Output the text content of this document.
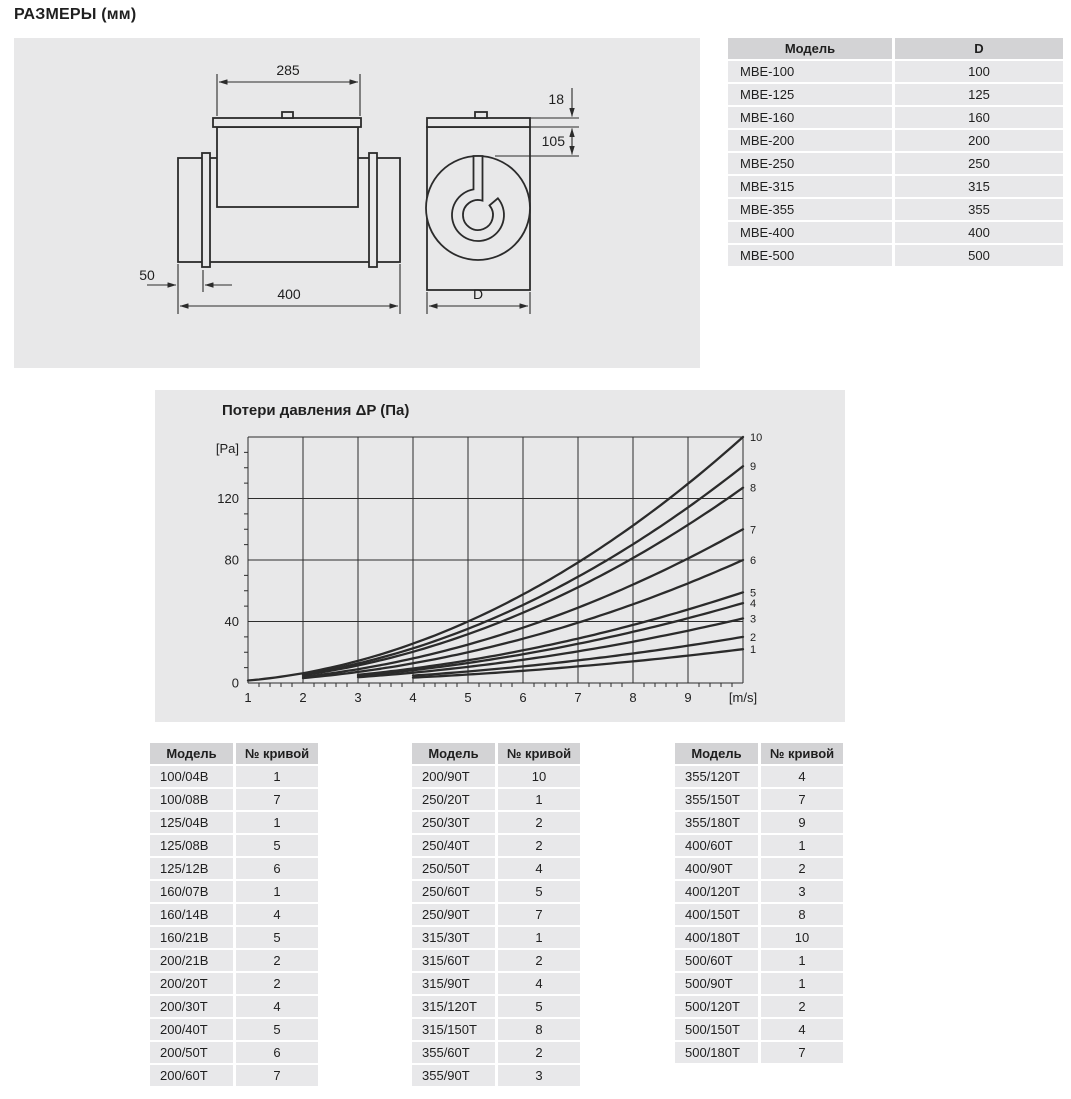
РАЗМЕРЫ (мм)
285
50
400
18
105
D
Модель	D
MBE-100	100
MBE-125	125
MBE-160	160
MBE-200	200
MBE-250	250
MBE-315	315
MBE-355	355
MBE-400	400
MBE-500	500
Потери давления ΔP (Па)
1
2
3
4
5
6
7
8
9
10
1	2	3	4	5	6	7	8	9	[m/s]
0
40
80
120
[Pa]
Модель	№ кривой
100/04B	1
100/08B	7
125/04B	1
125/08B	5
125/12B	6
160/07B	1
160/14B	4
160/21B	5
200/21B	2
200/20T	2
200/30T	4
200/40T	5
200/50T	6
200/60T	7
Модель	№ кривой
200/90T	10
250/20T	1
250/30T	2
250/40T	2
250/50T	4
250/60T	5
250/90T	7
315/30T	1
315/60T	2
315/90T	4
315/120T	5
315/150T	8
355/60T	2
355/90T	3
Модель	№ кривой
355/120T	4
355/150T	7
355/180T	9
400/60T	1
400/90T	2
400/120T	3
400/150T	8
400/180T	10
500/60T	1
500/90T	1
500/120T	2
500/150T	4
500/180T	7
